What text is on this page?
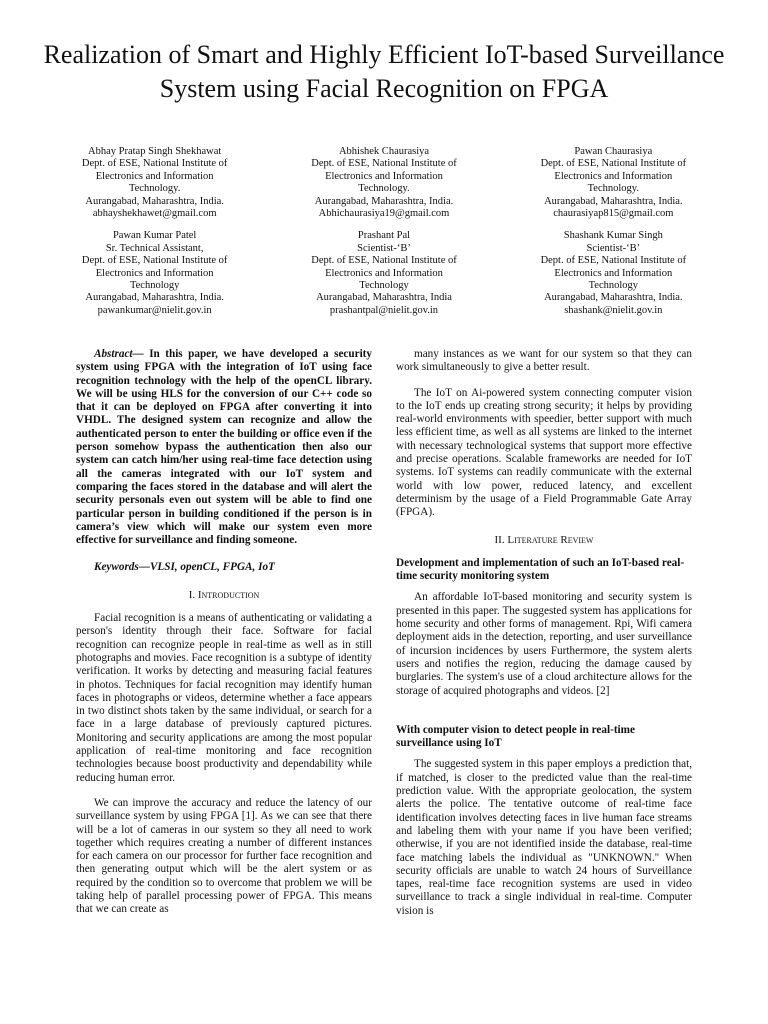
Realization of Smart and Highly Efficient IoT-based Surveillance System using Facial Recognition on FPGA
Abhay Pratap Singh Shekhawat
Dept. of ESE, National Institute of
Electronics and Information
Technology.
Aurangabad, Maharashtra, India.
abhayshekhawet@gmail.com
Abhishek Chaurasiya
Dept. of ESE, National Institute of
Electronics and Information
Technology.
Aurangabad, Maharashtra, India.
Abhichaurasiya19@gmail.com
Pawan Chaurasiya
Dept. of ESE, National Institute of
Electronics and Information
Technology.
Aurangabad, Maharashtra, India.
chaurasiyap815@gmail.com
Pawan Kumar Patel
Sr. Technical Assistant,
Dept. of ESE, National Institute of
Electronics and Information
Technology
Aurangabad, Maharashtra, India.
pawankumar@nielit.gov.in
Prashant Pal
Scientist-‘B’
Dept. of ESE, National Institute of
Electronics and Information
Technology
Aurangabad, Maharashtra, India
prashantpal@nielit.gov.in
Shashank Kumar Singh
Scientist-‘B’
Dept. of ESE, National Institute of
Electronics and Information
Technology
Aurangabad, Maharashtra, India.
shashank@nielit.gov.in

Abstract— In this paper, we have developed a security system using FPGA with the integration of IoT using face recognition technology with the help of the openCL library. We will be using HLS for the conversion of our C++ code so that it can be deployed on FPGA after converting it into VHDL. The designed system can recognize and allow the authenticated person to enter the building or office even if the person somehow bypass the authentication then also our system can catch him/her using real-time face detection using all the cameras integrated with our IoT system and comparing the faces stored in the database and will alert the security personals even out system will be able to find one particular person in building conditioned if the person is in camera’s view which will make our system even more effective for surveillance and finding someone.

Keywords—VLSI, openCL, FPGA, IoT

I. Introduction

Facial recognition is a means of authenticating or validating a person's identity through their face. Software for facial recognition can recognize people in real-time as well as in still photographs and movies. Face recognition is a subtype of identity verification. It works by detecting and measuring facial features in photos. Techniques for facial recognition may identify human faces in photographs or videos, determine whether a face appears in two distinct shots taken by the same individual, or search for a face in a large database of previously captured pictures. Monitoring and security applications are among the most popular application of real-time monitoring and face recognition technologies because boost productivity and dependability while reducing human error.

We can improve the accuracy and reduce the latency of our surveillance system by using FPGA [1]. As we can see that there will be a lot of cameras in our system so they all need to work together which requires creating a number of different instances for each camera on our processor for further face recognition and then generating output which will be the alert system or as required by the condition so to overcome that problem we will be taking help of parallel processing power of FPGA. This means that we can create as

many instances as we want for our system so that they can work simultaneously to give a better result.

The IoT on Ai-powered system connecting computer vision to the IoT ends up creating strong security; it helps by providing real-world environments with speedier, better support with much less efficient time, as well as all systems are linked to the internet with necessary technological systems that support more effective and precise operations. Scalable frameworks are needed for IoT systems. IoT systems can readily communicate with the external world with low power, reduced latency, and excellent determinism by the usage of a Field Programmable Gate Array (FPGA).

II. Literature Review

Development and implementation of such an IoT-based real-time security monitoring system

An affordable IoT-based monitoring and security system is presented in this paper. The suggested system has applications for home security and other forms of management. Rpi, Wifi camera deployment aids in the detection, reporting, and user surveillance of incursion incidences by users Furthermore, the system alerts users and notifies the region, reducing the damage caused by burglaries. The system's use of a cloud architecture allows for the storage of acquired photographs and videos. [2]

With computer vision to detect people in real-time surveillance using IoT

The suggested system in this paper employs a prediction that, if matched, is closer to the predicted value than the real-time prediction value. With the appropriate geolocation, the system alerts the police. The tentative outcome of real-time face identification involves detecting faces in live human face streams and labeling them with your name if you have been verified; otherwise, if you are not identified inside the database, real-time face matching labels the individual as "UNKNOWN." When security officials are unable to watch 24 hours of Surveillance tapes, real-time face recognition systems are used in video surveillance to track a single individual in real-time. Computer vision is
